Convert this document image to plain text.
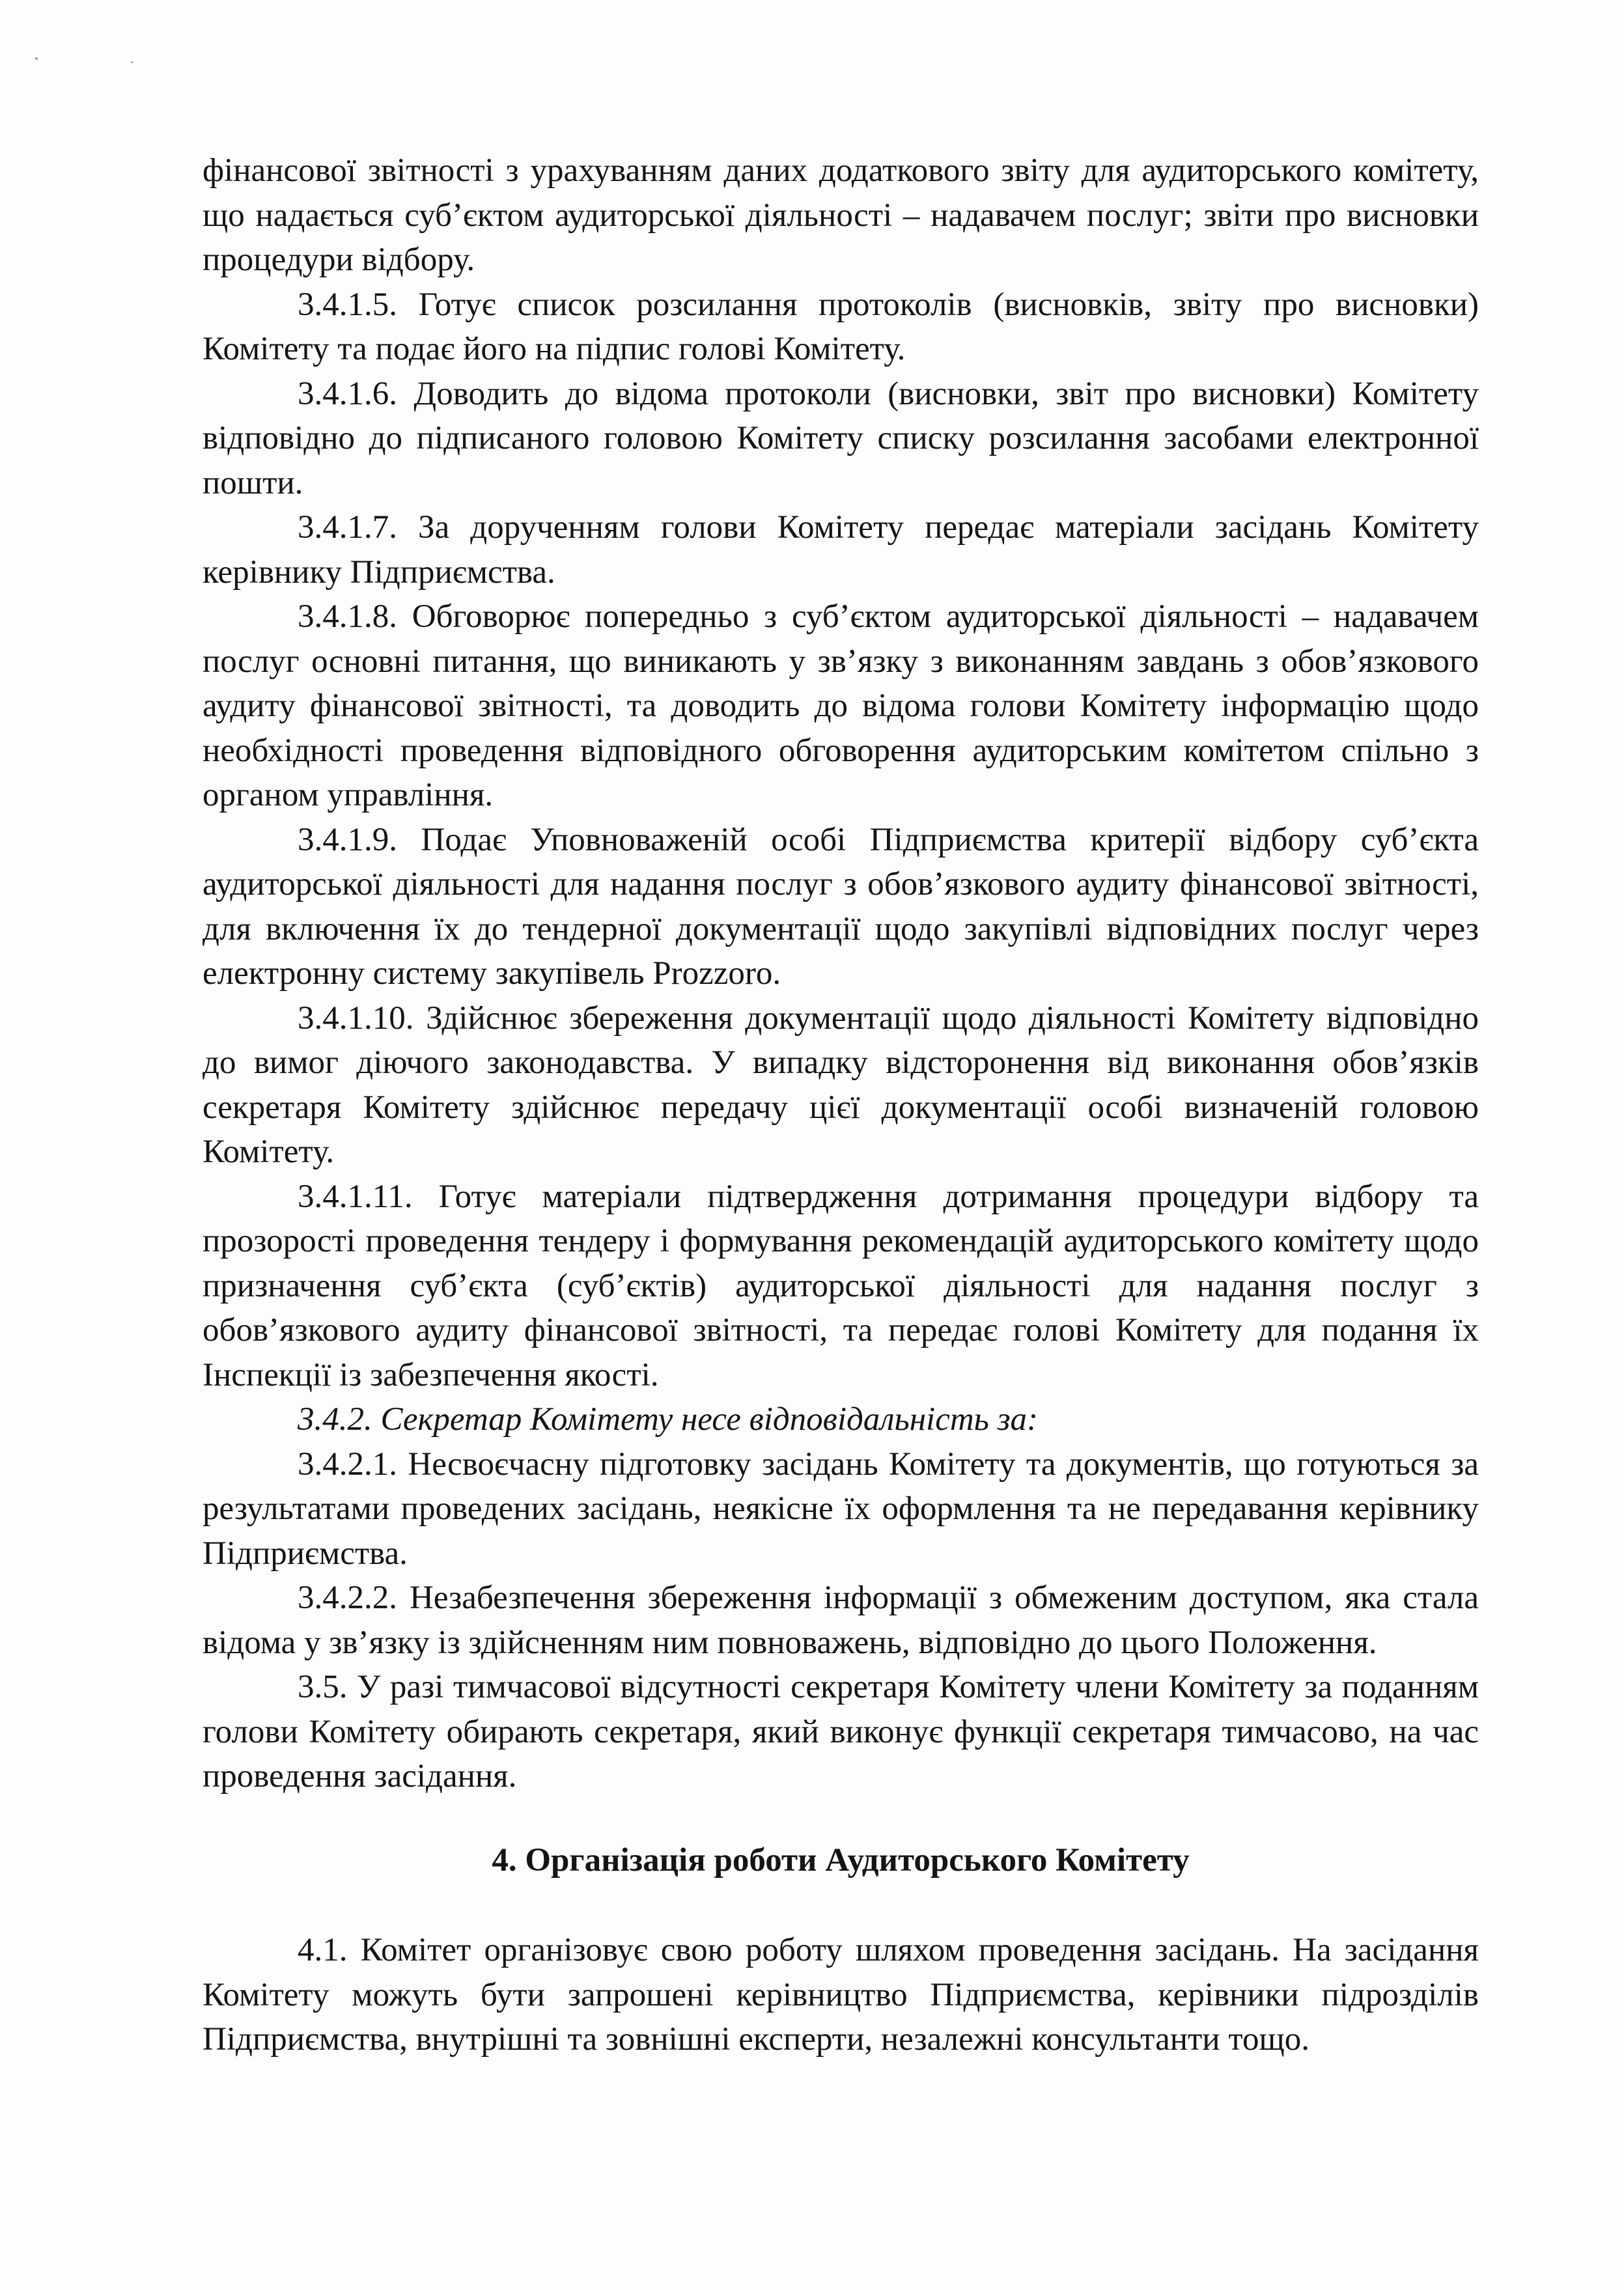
фінансової звітності з урахуванням даних додаткового звіту для аудиторського комітету, що надається суб’єктом аудиторської діяльності – надавачем послуг; звіти про висновки процедури відбору.

3.4.1.5. Готує список розсилання протоколів (висновків, звіту про висновки) Комітету та подає його на підпис голові Комітету.

3.4.1.6. Доводить до відома протоколи (висновки, звіт про висновки) Комітету відповідно до підписаного головою Комітету списку розсилання засобами електронної пошти.

3.4.1.7. За дорученням голови Комітету передає матеріали засідань Комітету керівнику Підприємства.

3.4.1.8. Обговорює попередньо з суб’єктом аудиторської діяльності – надавачем послуг основні питання, що виникають у зв’язку з виконанням завдань з обов’язкового аудиту фінансової звітності, та доводить до відома голови Комітету інформацію щодо необхідності проведення відповідного обговорення аудиторським комітетом спільно з органом управління.

3.4.1.9. Подає Уповноваженій особі Підприємства критерії відбору суб’єкта аудиторської діяльності для надання послуг з обов’язкового аудиту фінансової звітності, для включення їх до тендерної документації щодо закупівлі відповідних послуг через електронну систему закупівель Prozzoro.

3.4.1.10. Здійснює збереження документації щодо діяльності Комітету відповідно до вимог діючого законодавства. У випадку відсторонення від виконання обов’язків секретаря Комітету здійснює передачу цієї документації особі визначеній головою Комітету.

3.4.1.11. Готує матеріали підтвердження дотримання процедури відбору та прозорості проведення тендеру і формування рекомендацій аудиторського комітету щодо призначення суб’єкта (суб’єктів) аудиторської діяльності для надання послуг з обов’язкового аудиту фінансової звітності, та передає голові Комітету для подання їх Інспекції із забезпечення якості.

3.4.2. Секретар Комітету несе відповідальність за:

3.4.2.1. Несвоєчасну підготовку засідань Комітету та документів, що готуються за результатами проведених засідань, неякісне їх оформлення та не передавання керівнику Підприємства.

3.4.2.2. Незабезпечення збереження інформації з обмеженим доступом, яка стала відома у зв’язку із здійсненням ним повноважень, відповідно до цього Положення.

3.5. У разі тимчасової відсутності секретаря Комітету члени Комітету за поданням голови Комітету обирають секретаря, який виконує функції секретаря тимчасово, на час проведення засідання.

4. Організація роботи Аудиторського Комітету

4.1. Комітет організовує свою роботу шляхом проведення засідань. На засідання Комітету можуть бути запрошені керівництво Підприємства, керівники підрозділів Підприємства, внутрішні та зовнішні експерти, незалежні консультанти тощо.
